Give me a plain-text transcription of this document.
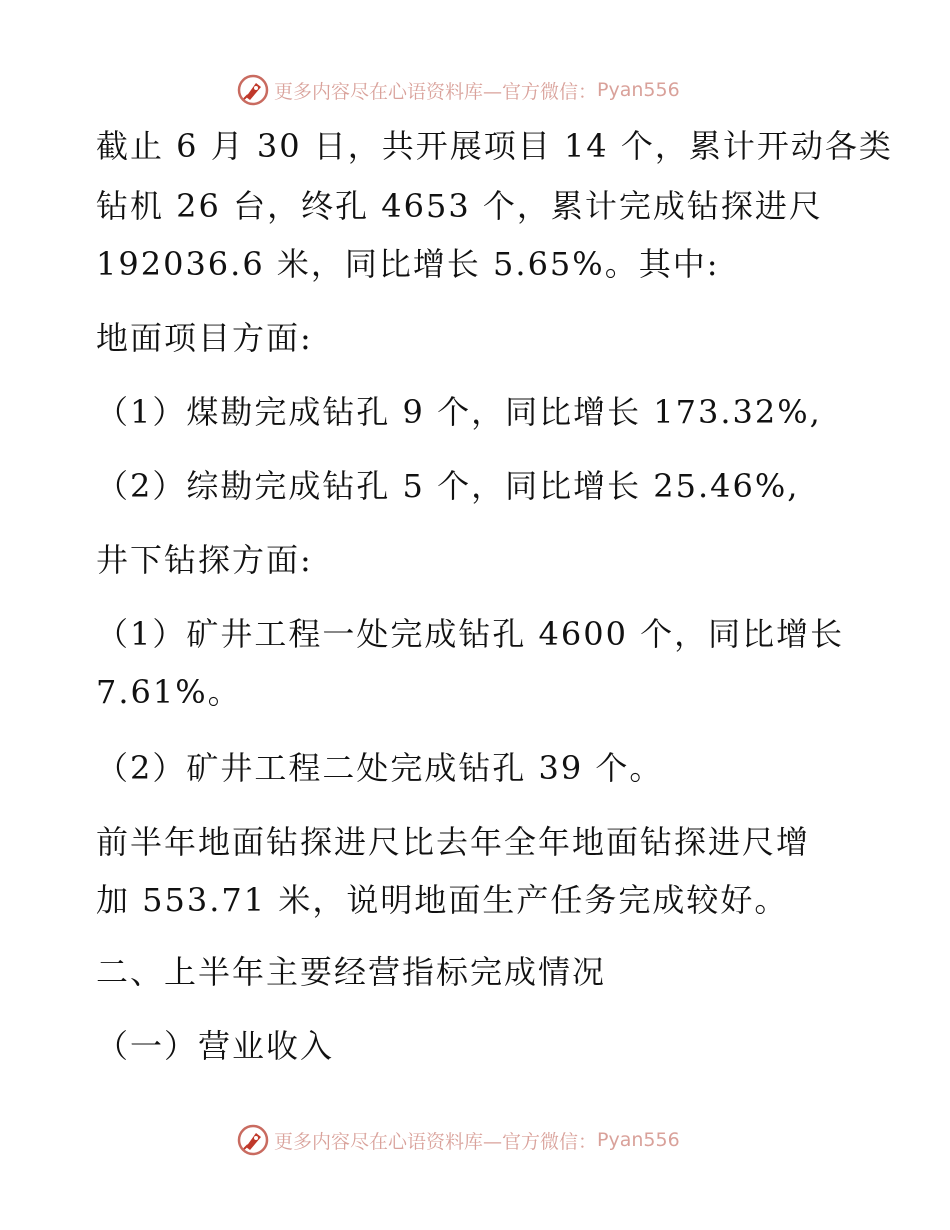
更多内容尽在心语资料库—官方微信： Pyan556
截止 6 月 30 日，共开展项目 14 个，累计开动各类
钻机 26 台，终孔 4653 个，累计完成钻探进尺
192036.6 米，同比增长 5.65%。其中:
地面项目方面:
（1）煤勘完成钻孔 9 个，同比增长 173.32%,
（2）综勘完成钻孔 5 个，同比增长 25.46%,
井下钻探方面:
（1）矿井工程一处完成钻孔 4600 个，同比增长
7.61%。
（2）矿井工程二处完成钻孔 39 个。
前半年地面钻探进尺比去年全年地面钻探进尺增
加 553.71 米，说明地面生产任务完成较好。
二、上半年主要经营指标完成情况
（一）营业收入
更多内容尽在心语资料库—官方微信： Pyan556
